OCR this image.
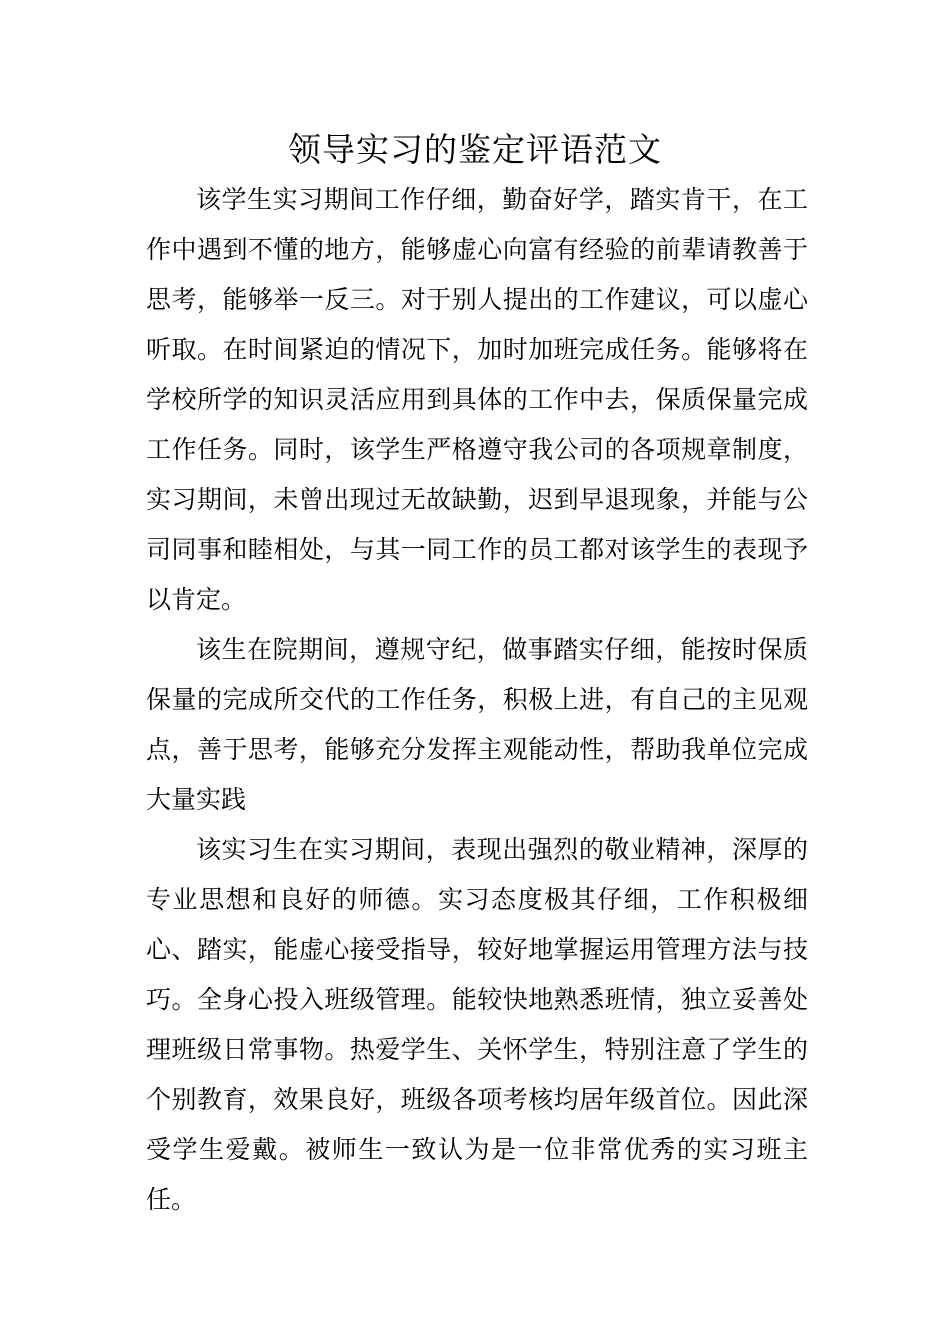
领导实习的鉴定评语范文

该学生实习期间工作仔细，勤奋好学，踏实肯干，在工作中遇到不懂的地方，能够虚心向富有经验的前辈请教善于思考，能够举一反三。对于别人提出的工作建议，可以虚心听取。在时间紧迫的情况下，加时加班完成任务。能够将在学校所学的知识灵活应用到具体的工作中去，保质保量完成工作任务。同时，该学生严格遵守我公司的各项规章制度，实习期间，未曾出现过无故缺勤，迟到早退现象，并能与公司同事和睦相处，与其一同工作的员工都对该学生的表现予以肯定。

该生在院期间，遵规守纪，做事踏实仔细，能按时保质保量的完成所交代的工作任务，积极上进，有自己的主见观点，善于思考，能够充分发挥主观能动性，帮助我单位完成大量实践

该实习生在实习期间，表现出强烈的敬业精神，深厚的专业思想和良好的师德。实习态度极其仔细，工作积极细心、踏实，能虚心接受指导，较好地掌握运用管理方法与技巧。全身心投入班级管理。能较快地熟悉班情，独立妥善处理班级日常事物。热爱学生、关怀学生，特别注意了学生的个别教育，效果良好，班级各项考核均居年级首位。因此深受学生爱戴。被师生一致认为是一位非常优秀的实习班主任。
